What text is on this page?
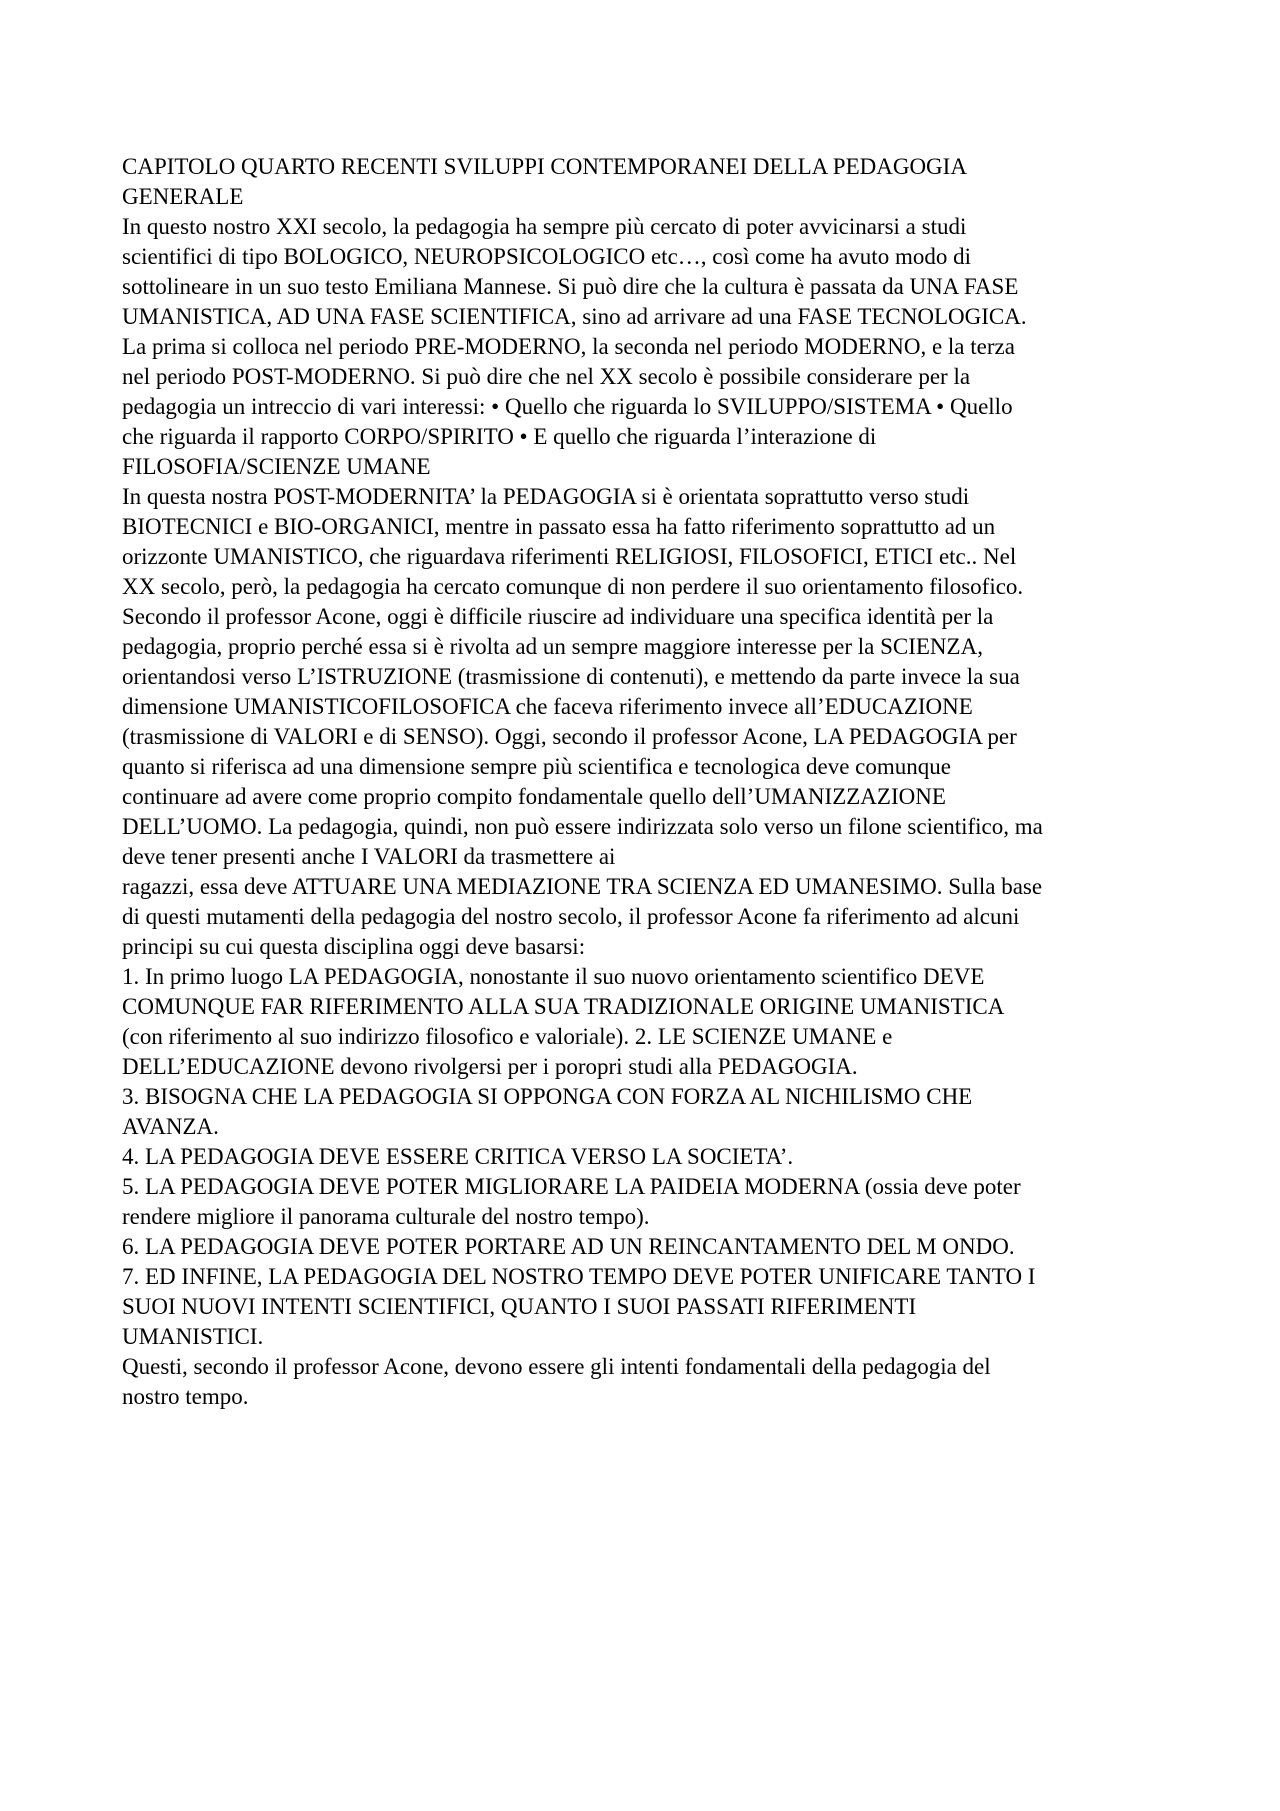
CAPITOLO QUARTO RECENTI SVILUPPI CONTEMPORANEI DELLA PEDAGOGIA
GENERALE
In questo nostro XXI secolo, la pedagogia ha sempre più cercato di poter avvicinarsi a studi
scientifici di tipo BOLOGICO, NEUROPSICOLOGICO etc…, così come ha avuto modo di
sottolineare in un suo testo Emiliana Mannese. Si può dire che la cultura è passata da UNA FASE
UMANISTICA, AD UNA FASE SCIENTIFICA, sino ad arrivare ad una FASE TECNOLOGICA.
La prima si colloca nel periodo PRE-MODERNO, la seconda nel periodo MODERNO, e la terza
nel periodo POST-MODERNO. Si può dire che nel XX secolo è possibile considerare per la
pedagogia un intreccio di vari interessi: • Quello che riguarda lo SVILUPPO/SISTEMA • Quello
che riguarda il rapporto CORPO/SPIRITO • E quello che riguarda l’interazione di
FILOSOFIA/SCIENZE UMANE
In questa nostra POST-MODERNITA’ la PEDAGOGIA si è orientata soprattutto verso studi
BIOTECNICI e BIO-ORGANICI, mentre in passato essa ha fatto riferimento soprattutto ad un
orizzonte UMANISTICO, che riguardava riferimenti RELIGIOSI, FILOSOFICI, ETICI etc.. Nel
XX secolo, però, la pedagogia ha cercato comunque di non perdere il suo orientamento filosofico.
Secondo il professor Acone, oggi è difficile riuscire ad individuare una specifica identità per la
pedagogia, proprio perché essa si è rivolta ad un sempre maggiore interesse per la SCIENZA,
orientandosi verso L’ISTRUZIONE (trasmissione di contenuti), e mettendo da parte invece la sua
dimensione UMANISTICOFILOSOFICA che faceva riferimento invece all’EDUCAZIONE
(trasmissione di VALORI e di SENSO). Oggi, secondo il professor Acone, LA PEDAGOGIA per
quanto si riferisca ad una dimensione sempre più scientifica e tecnologica deve comunque
continuare ad avere come proprio compito fondamentale quello dell’UMANIZZAZIONE
DELL’UOMO. La pedagogia, quindi, non può essere indirizzata solo verso un filone scientifico, ma
deve tener presenti anche I VALORI da trasmettere ai
ragazzi, essa deve ATTUARE UNA MEDIAZIONE TRA SCIENZA ED UMANESIMO. Sulla base
di questi mutamenti della pedagogia del nostro secolo, il professor Acone fa riferimento ad alcuni
principi su cui questa disciplina oggi deve basarsi:
1. In primo luogo LA PEDAGOGIA, nonostante il suo nuovo orientamento scientifico DEVE
COMUNQUE FAR RIFERIMENTO ALLA SUA TRADIZIONALE ORIGINE UMANISTICA
(con riferimento al suo indirizzo filosofico e valoriale). 2. LE SCIENZE UMANE e
DELL’EDUCAZIONE devono rivolgersi per i poropri studi alla PEDAGOGIA.
3. BISOGNA CHE LA PEDAGOGIA SI OPPONGA CON FORZA AL NICHILISMO CHE
AVANZA.
4. LA PEDAGOGIA DEVE ESSERE CRITICA VERSO LA SOCIETA’.
5. LA PEDAGOGIA DEVE POTER MIGLIORARE LA PAIDEIA MODERNA (ossia deve poter
rendere migliore il panorama culturale del nostro tempo).
6. LA PEDAGOGIA DEVE POTER PORTARE AD UN REINCANTAMENTO DEL M ONDO.
7. ED INFINE, LA PEDAGOGIA DEL NOSTRO TEMPO DEVE POTER UNIFICARE TANTO I
SUOI NUOVI INTENTI SCIENTIFICI, QUANTO I SUOI PASSATI RIFERIMENTI
UMANISTICI.
Questi, secondo il professor Acone, devono essere gli intenti fondamentali della pedagogia del
nostro tempo.
